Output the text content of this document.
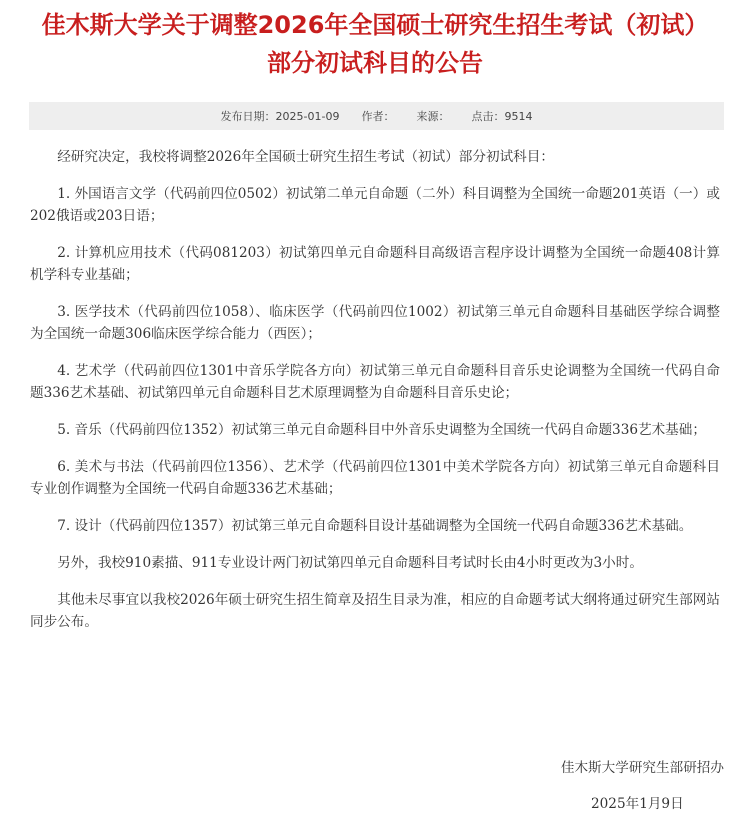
佳木斯大学关于调整2026年全国硕士研究生招生考试（初试）
部分初试科目的公告
发布日期：2025-01-09 作者： 来源： 点击：9514

经研究决定，我校将调整2026年全国硕士研究生招生考试（初试）部分初试科目：

1. 外国语言文学（代码前四位0502）初试第二单元自命题（二外）科目调整为全国统一命题201英语（一）或202俄语或203日语；

2. 计算机应用技术（代码081203）初试第四单元自命题科目高级语言程序设计调整为全国统一命题408计算机学科专业基础；

3. 医学技术（代码前四位1058）、临床医学（代码前四位1002）初试第三单元自命题科目基础医学综合调整为全国统一命题306临床医学综合能力（西医）；

4. 艺术学（代码前四位1301中音乐学院各方向）初试第三单元自命题科目音乐史论调整为全国统一代码自命题336艺术基础、初试第四单元自命题科目艺术原理调整为自命题科目音乐史论；

5. 音乐（代码前四位1352）初试第三单元自命题科目中外音乐史调整为全国统一代码自命题336艺术基础；

6. 美术与书法（代码前四位1356）、艺术学（代码前四位1301中美术学院各方向）初试第三单元自命题科目专业创作调整为全国统一代码自命题336艺术基础；

7. 设计（代码前四位1357）初试第三单元自命题科目设计基础调整为全国统一代码自命题336艺术基础。

另外，我校910素描、911专业设计两门初试第四单元自命题科目考试时长由4小时更改为3小时。

其他未尽事宜以我校2026年硕士研究生招生简章及招生目录为准，相应的自命题考试大纲将通过研究生部网站同步公布。

佳木斯大学研究生部研招办
2025年1月9日
